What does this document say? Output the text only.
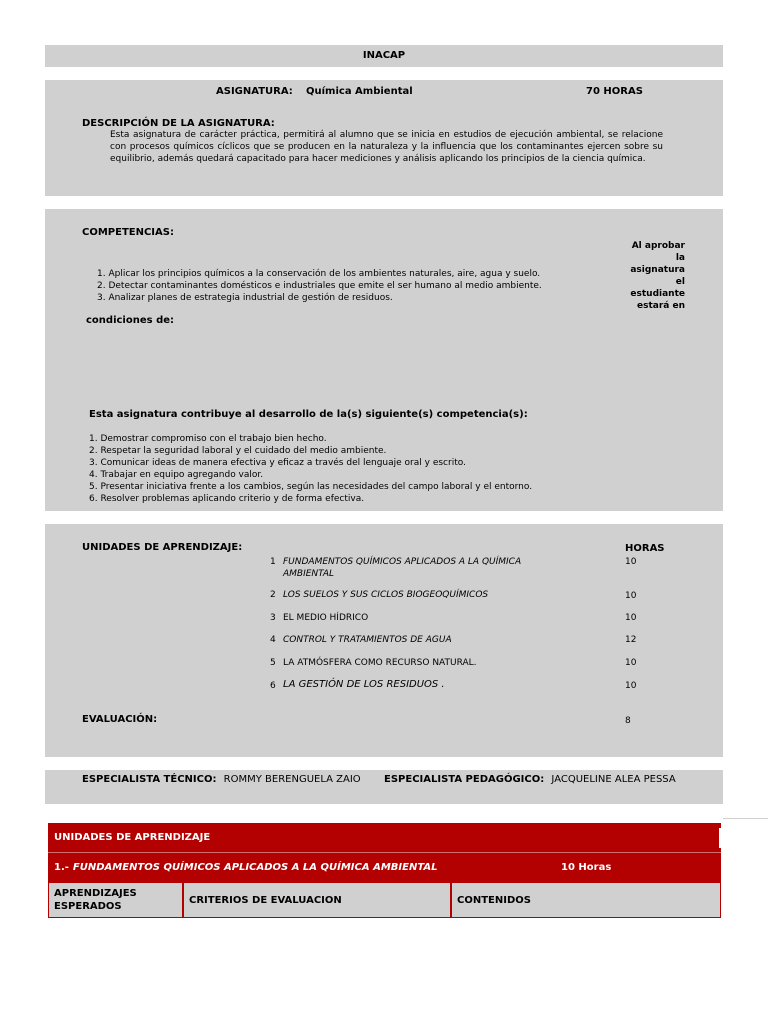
INACAP
ASIGNATURA: Química Ambiental	70 HORAS
DESCRIPCIÓN DE LA ASIGNATURA:
Esta asignatura de carácter práctica, permitirá al alumno que se inicia en estudios de ejecución ambiental, se relacione con procesos químicos cíclicos que se producen en la naturaleza y la influencia que los contaminantes ejercen sobre su equilibrio, además quedará capacitado para hacer mediciones y análisis aplicando los principios de la ciencia química.
COMPETENCIAS:
Al aprobar
la
asignatura
el
estudiante
estará en
1. Aplicar los principios químicos a la conservación de los ambientes naturales, aire, agua y suelo.
2. Detectar contaminantes domésticos e industriales que emite el ser humano al medio ambiente.
3. Analizar planes de estrategia industrial de gestión de residuos.
condiciones de:
Esta asignatura contribuye al desarrollo de la(s) siguiente(s) competencia(s):
1. Demostrar compromiso con el trabajo bien hecho.
2. Respetar la seguridad laboral y el cuidado del medio ambiente.
3. Comunicar ideas de manera efectiva y eficaz a través del lenguaje oral y escrito.
4. Trabajar en equipo agregando valor.
5. Presentar iniciativa frente a los cambios, según las necesidades del campo laboral y el entorno.
6. Resolver problemas aplicando criterio y de forma efectiva.
UNIDADES DE APRENDIZAJE:	HORAS
1 FUNDAMENTOS QUÍMICOS APLICADOS A LA QUÍMICA AMBIENTAL
10
2 LOS SUELOS Y SUS CICLOS BIOGEOQUÍMICOS	10
3 EL MEDIO HÍDRICO	10
4 CONTROL Y TRATAMIENTOS DE AGUA	12
5 LA ATMÓSFERA COMO RECURSO NATURAL.	10
6 LA GESTIÓN DE LOS RESIDUOS .	10
EVALUACIÓN:	8
ESPECIALISTA TÉCNICO: ROMMY BERENGUELA ZAIO	ESPECIALISTA PEDAGÓGICO: JACQUELINE ALEA PESSA
UNIDADES DE APRENDIZAJE
1.- FUNDAMENTOS QUÍMICOS APLICADOS A LA QUÍMICA AMBIENTAL	10 Horas
APRENDIZAJES ESPERADOS
CRITERIOS DE EVALUACION	CONTENIDOS
